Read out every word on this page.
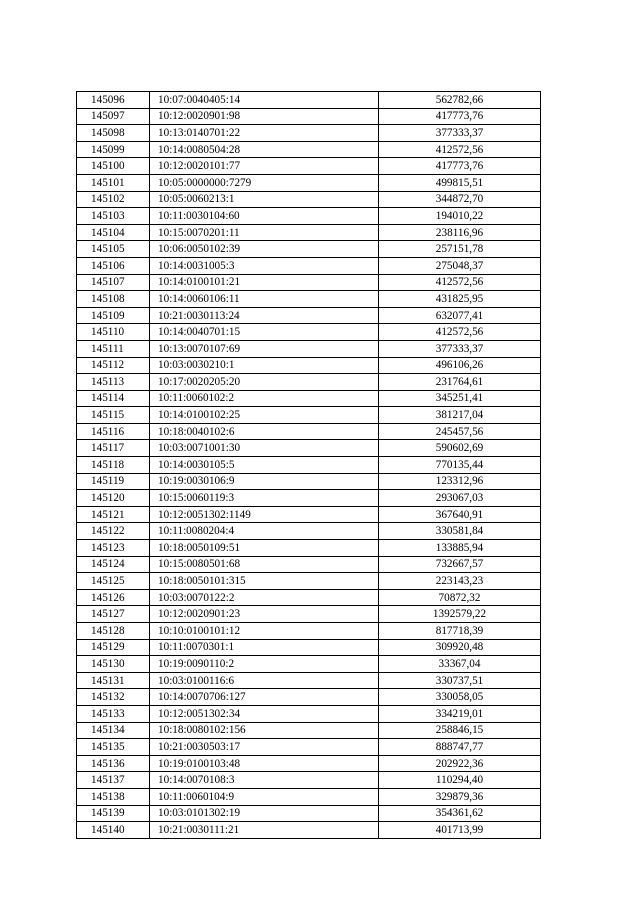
145096	10:07:0040405:14	562782,66
145097	10:12:0020901:98	417773,76
145098	10:13:0140701:22	377333,37
145099	10:14:0080504:28	412572,56
145100	10:12:0020101:77	417773,76
145101	10:05:0000000:7279	499815,51
145102	10:05:0060213:1	344872,70
145103	10:11:0030104:60	194010,22
145104	10:15:0070201:11	238116,96
145105	10:06:0050102:39	257151,78
145106	10:14:0031005:3	275048,37
145107	10:14:0100101:21	412572,56
145108	10:14:0060106:11	431825,95
145109	10:21:0030113:24	632077,41
145110	10:14:0040701:15	412572,56
145111	10:13:0070107:69	377333,37
145112	10:03:0030210:1	496106,26
145113	10:17:0020205:20	231764,61
145114	10:11:0060102:2	345251,41
145115	10:14:0100102:25	381217,04
145116	10:18:0040102:6	245457,56
145117	10:03:0071001:30	590602,69
145118	10:14:0030105:5	770135,44
145119	10:19:0030106:9	123312,96
145120	10:15:0060119:3	293067,03
145121	10:12:0051302:1149	367640,91
145122	10:11:0080204:4	330581,84
145123	10:18:0050109:51	133885,94
145124	10:15:0080501:68	732667,57
145125	10:18:0050101:315	223143,23
145126	10:03:0070122:2	70872,32
145127	10:12:0020901:23	1392579,22
145128	10:10:0100101:12	817718,39
145129	10:11:0070301:1	309920,48
145130	10:19:0090110:2	33367,04
145131	10:03:0100116:6	330737,51
145132	10:14:0070706:127	330058,05
145133	10:12:0051302:34	334219,01
145134	10:18:0080102:156	258846,15
145135	10:21:0030503:17	888747,77
145136	10:19:0100103:48	202922,36
145137	10:14:0070108:3	110294,40
145138	10:11:0060104:9	329879,36
145139	10:03:0101302:19	354361,62
145140	10:21:0030111:21	401713,99
